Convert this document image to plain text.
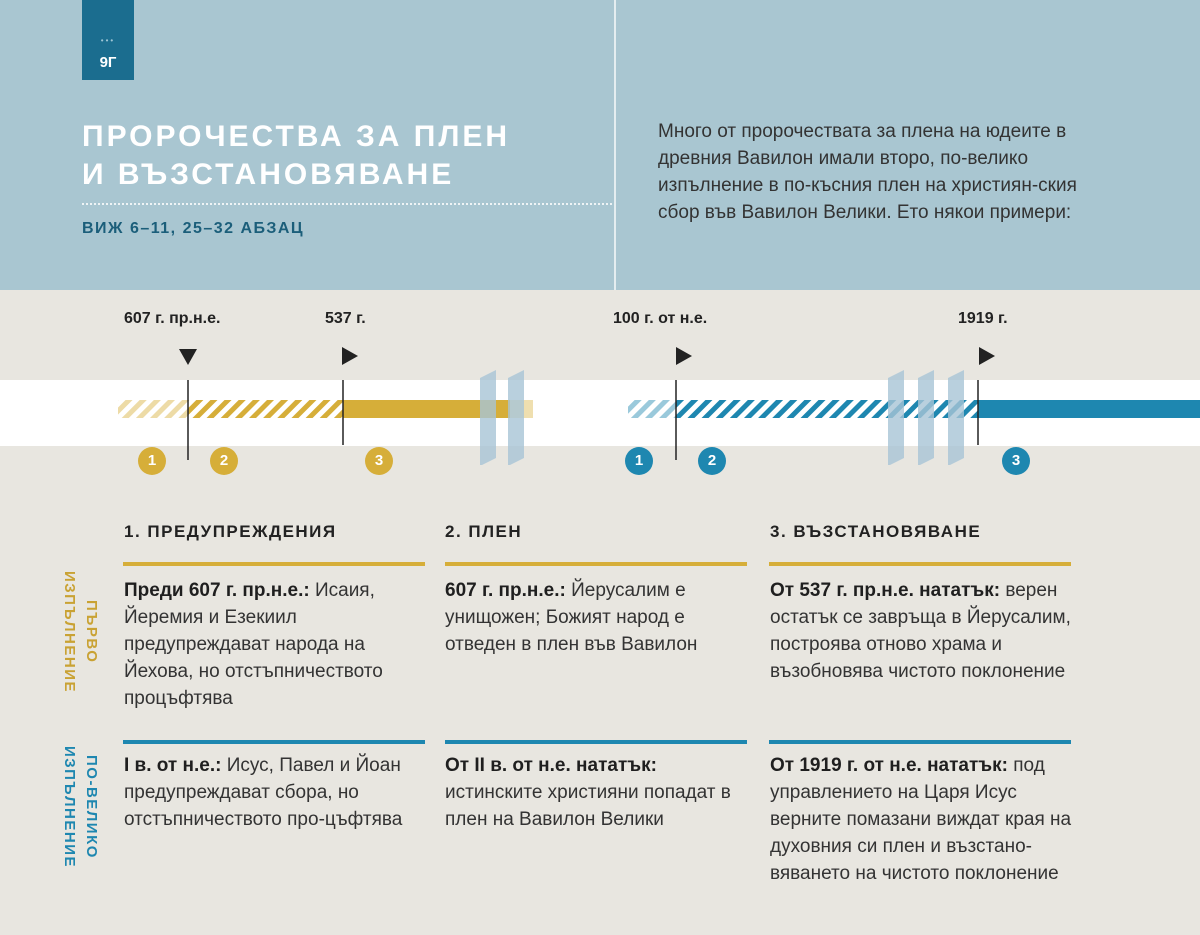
•••
9Г
ПРОРОЧЕСТВА ЗА ПЛЕН
И ВЪЗСТАНОВЯВАНЕ
ВИЖ 6–11, 25–32 АБЗАЦ
Много от пророчествата за плена на юдеите в древния Вавилон имали второ, по-велико изпълнение в по-късния плен на християн-ския сбор във Вавилон Велики. Ето някои примери:
607 г. пр.н.е.	537 г.	100 г. от н.е.	1919 г.
1	2	3	1	2	3
ПЪРВО ИЗПЪЛНЕНИЕ
ПО-ВЕЛИКО ИЗПЪЛНЕНИЕ
1. ПРЕДУПРЕЖДЕНИЯ	2. ПЛЕН	3. ВЪЗСТАНОВЯВАНЕ
Преди 607 г. пр.н.е.: Исаия, Йеремия и Езекиил предупреждават народа на Йехова, но отстъпничеството процъфтява
607 г. пр.н.е.: Йерусалим е унищожен; Божият народ е отведен в плен във Вавилон
От 537 г. пр.н.е. нататък: верен остатък се завръща в Йерусалим, построява отново храма и възобновява чистото поклонение
I в. от н.е.: Исус, Павел и Йоан предупреждават сбора, но отстъпничеството про-цъфтява
От II в. от н.е. нататък: истинските християни попадат в плен на Вавилон Велики
От 1919 г. от н.е. нататък: под управлението на Царя Исус верните помазани виждат края на духовния си плен и възстано-вяването на чистото поклонение
